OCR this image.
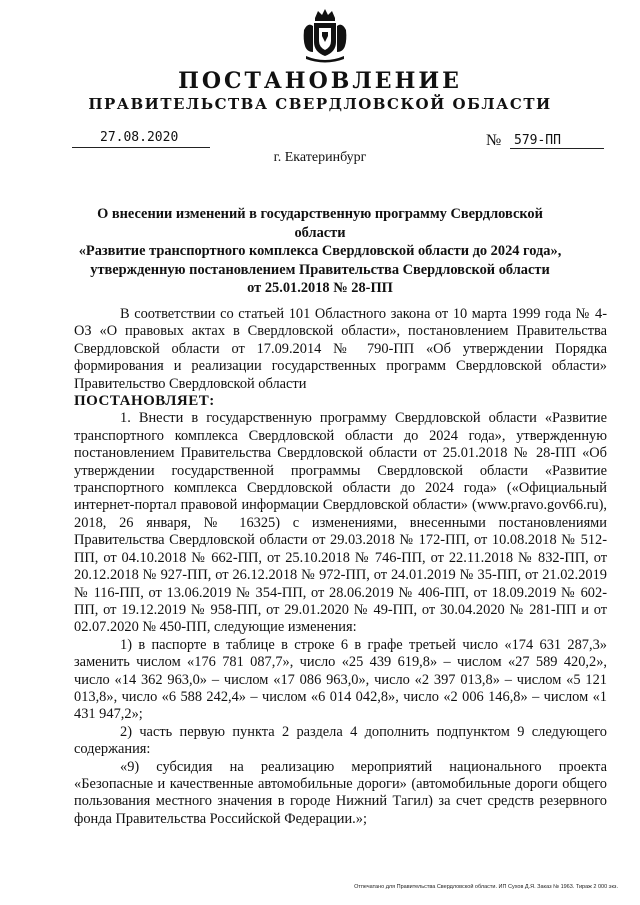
ПОСТАНОВЛЕНИЕ
ПРАВИТЕЛЬСТВА СВЕРДЛОВСКОЙ ОБЛАСТИ
27.08.2020	№ 579-ПП
г. Екатеринбург
О внесении изменений в государственную программу Свердловской области
«Развитие транспортного комплекса Свердловской области до 2024 года»,
утвержденную постановлением Правительства Свердловской области
от 25.01.2018 № 28-ПП

В соответствии со статьей 101 Областного закона от 10 марта 1999 года № 4-ОЗ «О правовых актах в Свердловской области», постановлением Правительства Свердловской области от 17.09.2014 № 790-ПП «Об утверждении Порядка формирования и реализации государственных программ Свердловской области» Правительство Свердловской области

ПОСТАНОВЛЯЕТ:

1. Внести в государственную программу Свердловской области «Развитие транспортного комплекса Свердловской области до 2024 года», утвержденную постановлением Правительства Свердловской области от 25.01.2018 № 28-ПП «Об утверждении государственной программы Свердловской области «Развитие транспортного комплекса Свердловской области до 2024 года» («Официальный интернет-портал правовой информации Свердловской области» (www.pravo.gov66.ru), 2018, 26 января, № 16325) с изменениями, внесенными постановлениями Правительства Свердловской области от 29.03.2018 № 172-ПП, от 10.08.2018 № 512-ПП, от 04.10.2018 № 662-ПП, от 25.10.2018 № 746-ПП, от 22.11.2018 № 832-ПП, от 20.12.2018 № 927-ПП, от 26.12.2018 № 972-ПП, от 24.01.2019 № 35-ПП, от 21.02.2019 № 116-ПП, от 13.06.2019 № 354-ПП, от 28.06.2019 № 406-ПП, от 18.09.2019 № 602-ПП, от 19.12.2019 № 958-ПП, от 29.01.2020 № 49-ПП, от 30.04.2020 № 281-ПП и от 02.07.2020 № 450-ПП, следующие изменения:

1) в паспорте в таблице в строке 6 в графе третьей число «174 631 287,3» заменить числом «176 781 087,7», число «25 439 619,8» – числом «27 589 420,2», число «14 362 963,0» – числом «17 086 963,0», число «2 397 013,8» – числом «5 121 013,8», число «6 588 242,4» – числом «6 014 042,8», число «2 006 146,8» – числом «1 431 947,2»;

2) часть первую пункта 2 раздела 4 дополнить подпунктом 9 следующего содержания:

«9) субсидия на реализацию мероприятий национального проекта «Безопасные и качественные автомобильные дороги» (автомобильные дороги общего пользования местного значения в городе Нижний Тагил) за счет средств резервного фонда Правительства Российской Федерации.»;

Отпечатано для Правительства Свердловской области. ИП Сухов Д.Я. Заказ № 1963. Тираж 2 000 экз.
